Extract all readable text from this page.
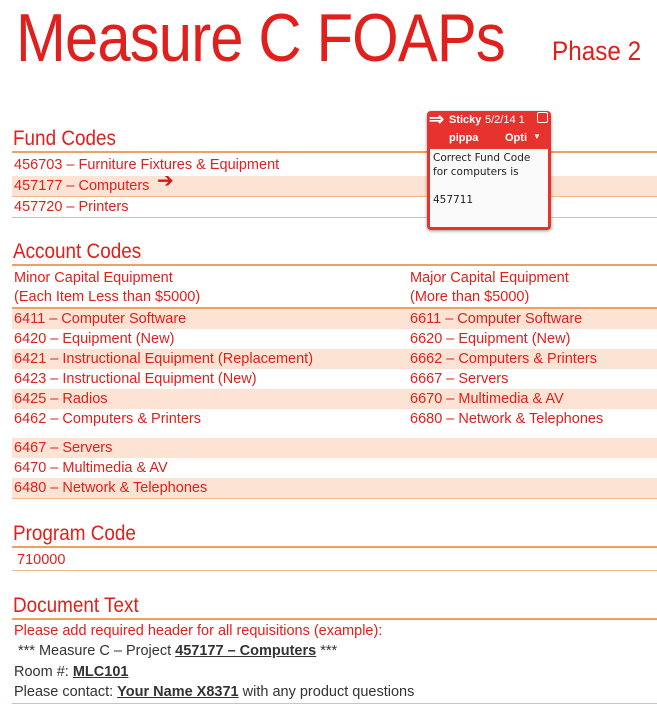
Measure C FOAPs Phase 2
Fund Codes
456703 – Furniture Fixtures & Equipment
457177 – Computers
457720 – Printers
➔
⇒ Sticky 5/2/14 1
pippa Opti ▼
Correct Fund Code
for computers is
457711
Account Codes
Minor Capital Equipment	Major Capital Equipment
(Each Item Less than $5000)	(More than $5000)
6411 – Computer Software	6611 – Computer Software
6420 – Equipment (New)	6620 – Equipment (New)
6421 – Instructional Equipment (Replacement)	6662 – Computers & Printers
6423 – Instructional Equipment (New)	6667 – Servers
6425 – Radios	6670 – Multimedia & AV
6462 – Computers & Printers	6680 – Network & Telephones
6467 – Servers
6470 – Multimedia & AV
6480 – Network & Telephones
Program Code
710000
Document Text
Please add required header for all requisitions (example):
*** Measure C – Project 457177 – Computers ***
Room #: MLC101
Please contact: Your Name X8371 with any product questions
